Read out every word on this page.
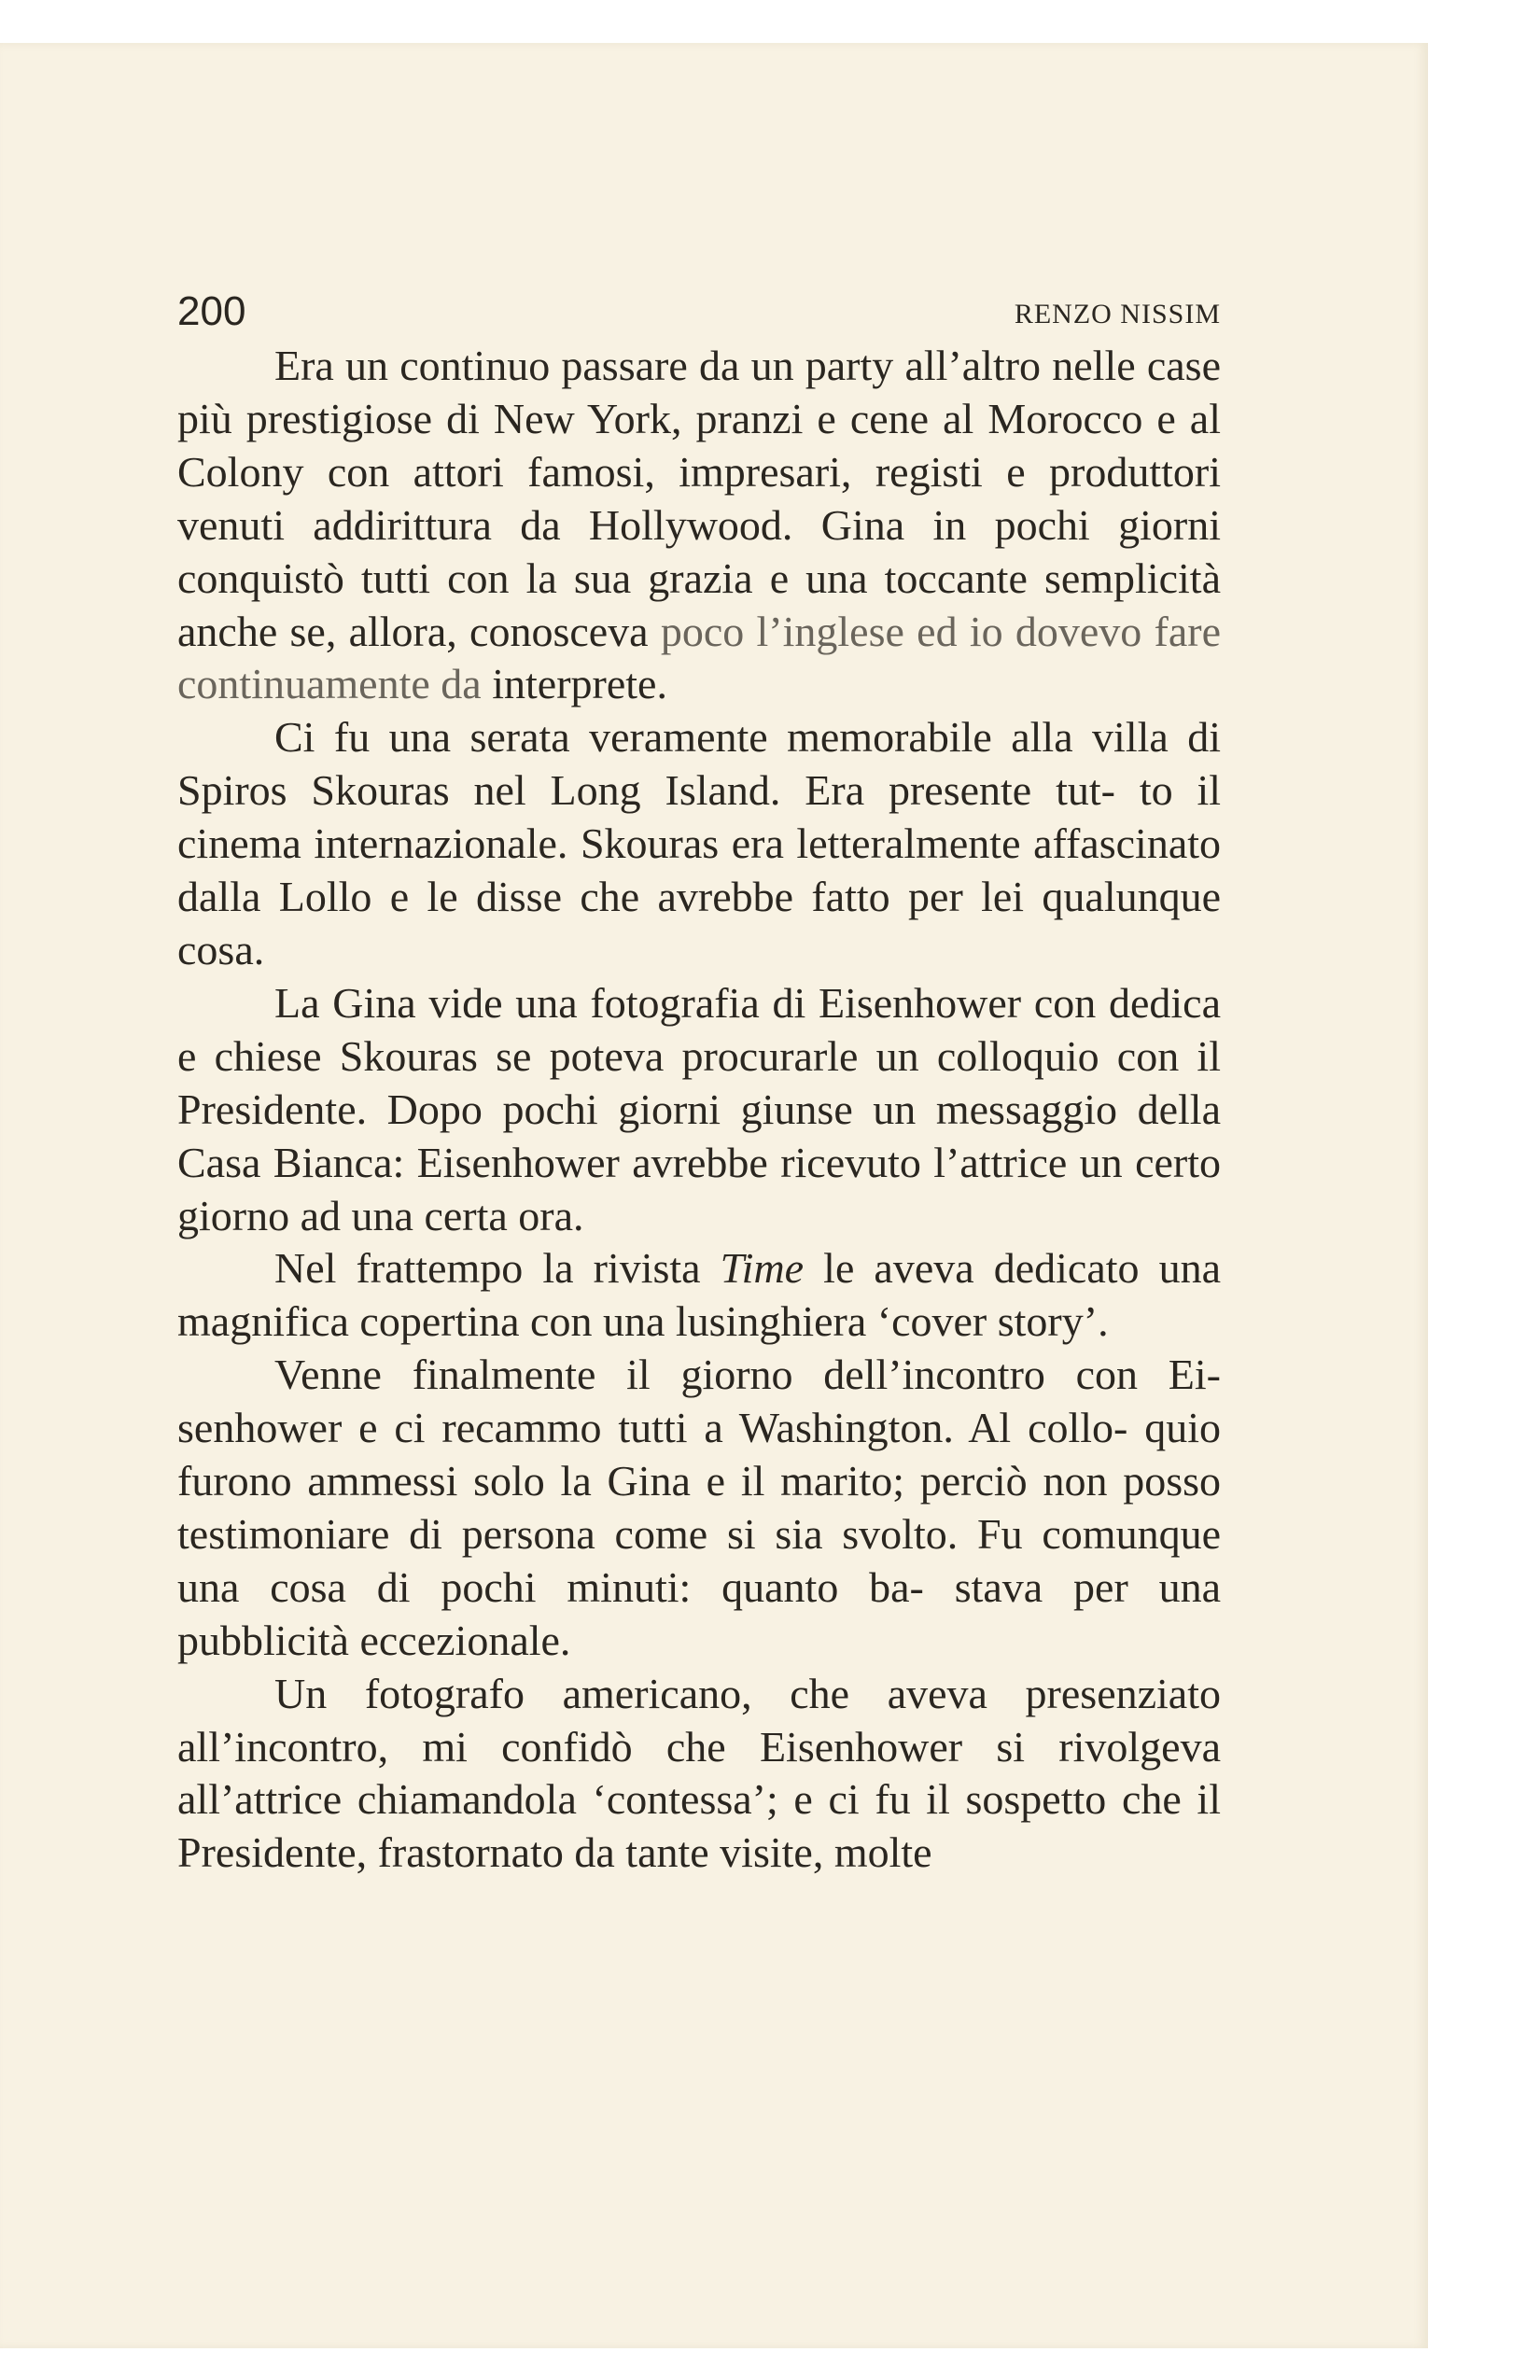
200	RENZO NISSIM

Era un continuo passare da un party all’altro nelle case più prestigiose di New York, pranzi e cene al Morocco e al Colony con attori famosi, impresari, registi e produttori venuti addirittura da Hollywood. Gina in pochi giorni conquistò tutti con la sua grazia e una toccante semplicità anche se, allora, conosceva poco l’inglese ed io dovevo fare continuamente da interprete.

Ci fu una serata veramente memorabile alla villa di Spiros Skouras nel Long Island. Era presente tut- to il cinema internazionale. Skouras era letteralmente affascinato dalla Lollo e le disse che avrebbe fatto per lei qualunque cosa.

La Gina vide una fotografia di Eisenhower con dedica e chiese Skouras se poteva procurarle un colloquio con il Presidente. Dopo pochi giorni giunse un messaggio della Casa Bianca: Eisenhower avrebbe ricevuto l’attrice un certo giorno ad una certa ora.

Nel frattempo la rivista Time le aveva dedicato una magnifica copertina con una lusinghiera ‘cover story’.

Venne finalmente il giorno dell’incontro con Ei- senhower e ci recammo tutti a Washington. Al collo- quio furono ammessi solo la Gina e il marito; perciò non posso testimoniare di persona come si sia svolto. Fu comunque una cosa di pochi minuti: quanto ba- stava per una pubblicità eccezionale.

Un fotografo americano, che aveva presenziato all’incontro, mi confidò che Eisenhower si rivolgeva all’attrice chiamandola ‘contessa’; e ci fu il sospetto che il Presidente, frastornato da tante visite, molte
